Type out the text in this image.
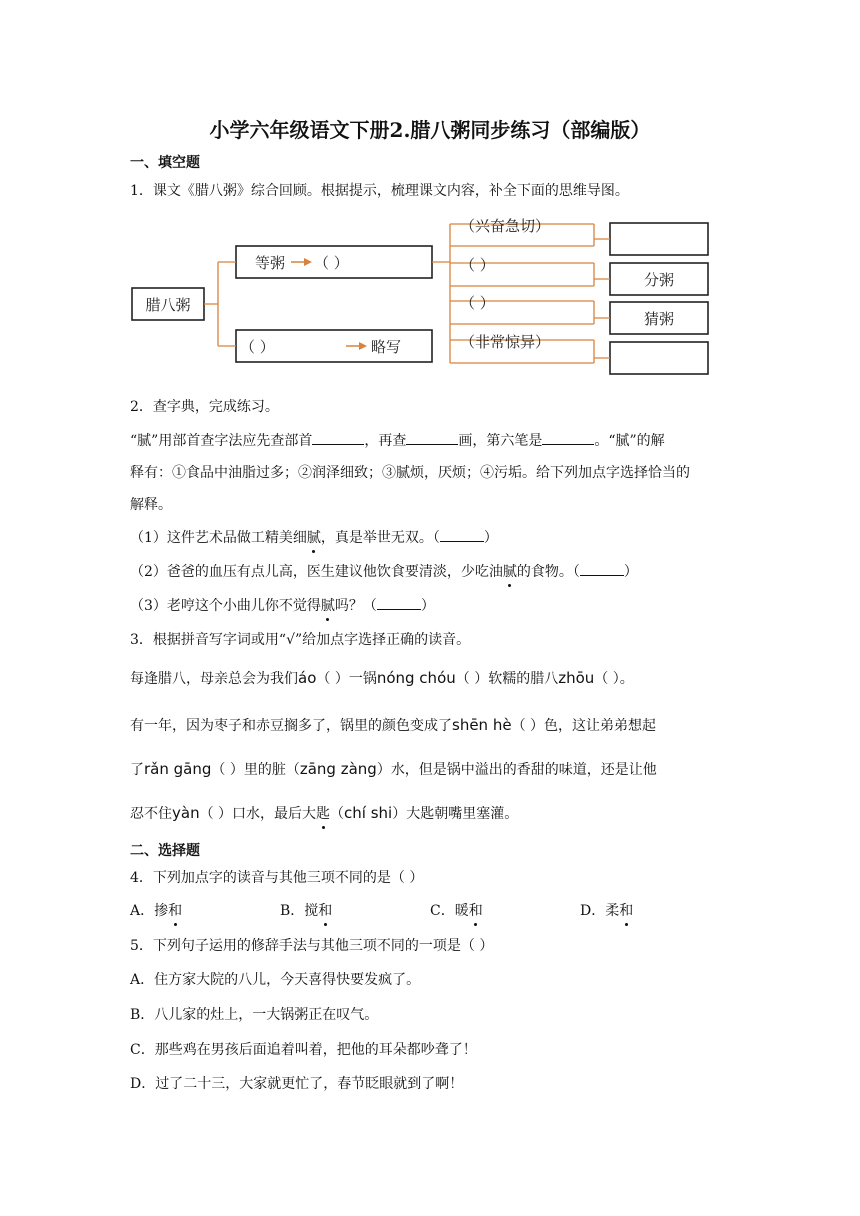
小学六年级语文下册2.腊八粥同步练习（部编版）
一、填空题
1．课文《腊八粥》综合回顾。根据提示，梳理课文内容，补全下面的思维导图。
腊八粥
等粥 （ ）
（ ）	略写
（兴奋急切）
（ ）
（ ）
（非常惊异）
分粥
猜粥
2．查字典，完成练习。
“腻”用部首查字法应先查部首	，再查	画，第六笔是	。“腻”的解
释有：①食品中油脂过多；②润泽细致；③腻烦，厌烦；④污垢。给下列加点字选择恰当的
解释。
（1）这件艺术品做工精美细腻，真是举世无双。（	）
（2）爸爸的血压有点儿高，医生建议他饮食要清淡，少吃油腻的食物。（	）
（3）老哼这个小曲儿你不觉得腻吗？（	）
3．根据拼音写字词或用“√”给加点字选择正确的读音。
每逢腊八，母亲总会为我们áo（ ）一锅nóng chóu（ ）软糯的腊八zhōu（ ）。
有一年，因为枣子和赤豆搁多了，锅里的颜色变成了shēn hè（ ）色，这让弟弟想起
了rǎn gāng（ ）里的脏（zāng zàng）水，但是锅中溢出的香甜的味道，还是让他
忍不住yàn（ ）口水，最后大匙（chí shi）大匙朝嘴里塞灌。
二、选择题
4．下列加点字的读音与其他三项不同的是（ ）
A．掺和	B．搅和	C．暖和	D．柔和
5．下列句子运用的修辞手法与其他三项不同的一项是（ ）
A．住方家大院的八儿，今天喜得快要发疯了。
B．八儿家的灶上，一大锅粥正在叹气。
C．那些鸡在男孩后面追着叫着，把他的耳朵都吵聋了！
D．过了二十三，大家就更忙了，春节眨眼就到了啊！
